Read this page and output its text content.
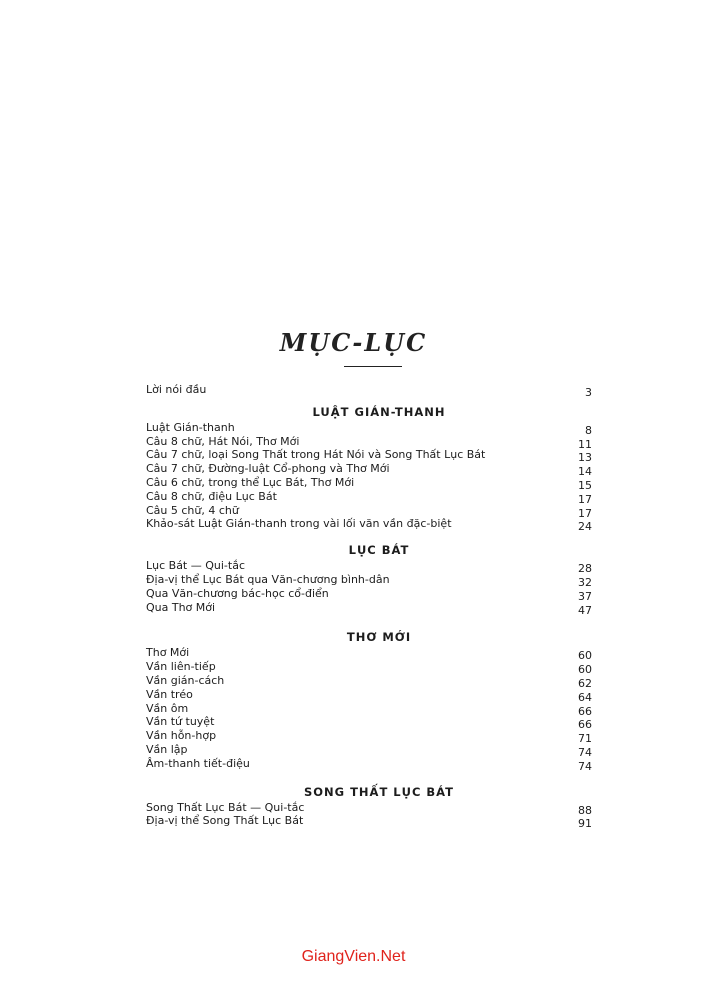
MỤC-LỤC
Lời nói đầu	3
LUẬT GIÁN-THANH
Luật Gián-thanh	8
Câu 8 chữ, Hát Nói, Thơ Mới	11
Câu 7 chữ, loại Song Thất trong Hát Nói và Song Thất Lục Bát	13
Câu 7 chữ, Đường-luật Cổ-phong và Thơ Mới	14
Câu 6 chữ, trong thể Lục Bát, Thơ Mới	15
Câu 8 chữ, điệu Lục Bát	17
Câu 5 chữ, 4 chữ	17
Khảo-sát Luật Gián-thanh trong vài lối văn vần đặc-biệt	24
LỤC BÁT
Lục Bát — Qui-tắc	28
Địa-vị thể Lục Bát qua Văn-chương bình-dân	32
Qua Văn-chương bác-học cổ-điển	37
Qua Thơ Mới	47
THƠ MỚI
Thơ Mới	60
Vần liên-tiếp	60
Vần gián-cách	62
Vần tréo	64
Vần ôm	66
Vần tứ tuyệt	66
Vần hỗn-hợp	71
Vần lập	74
Âm-thanh tiết-điệu	74
SONG THẤT LỤC BÁT
Song Thất Lục Bát — Qui-tắc	88
Địa-vị thể Song Thất Lục Bát	91
GiangVien.Net
